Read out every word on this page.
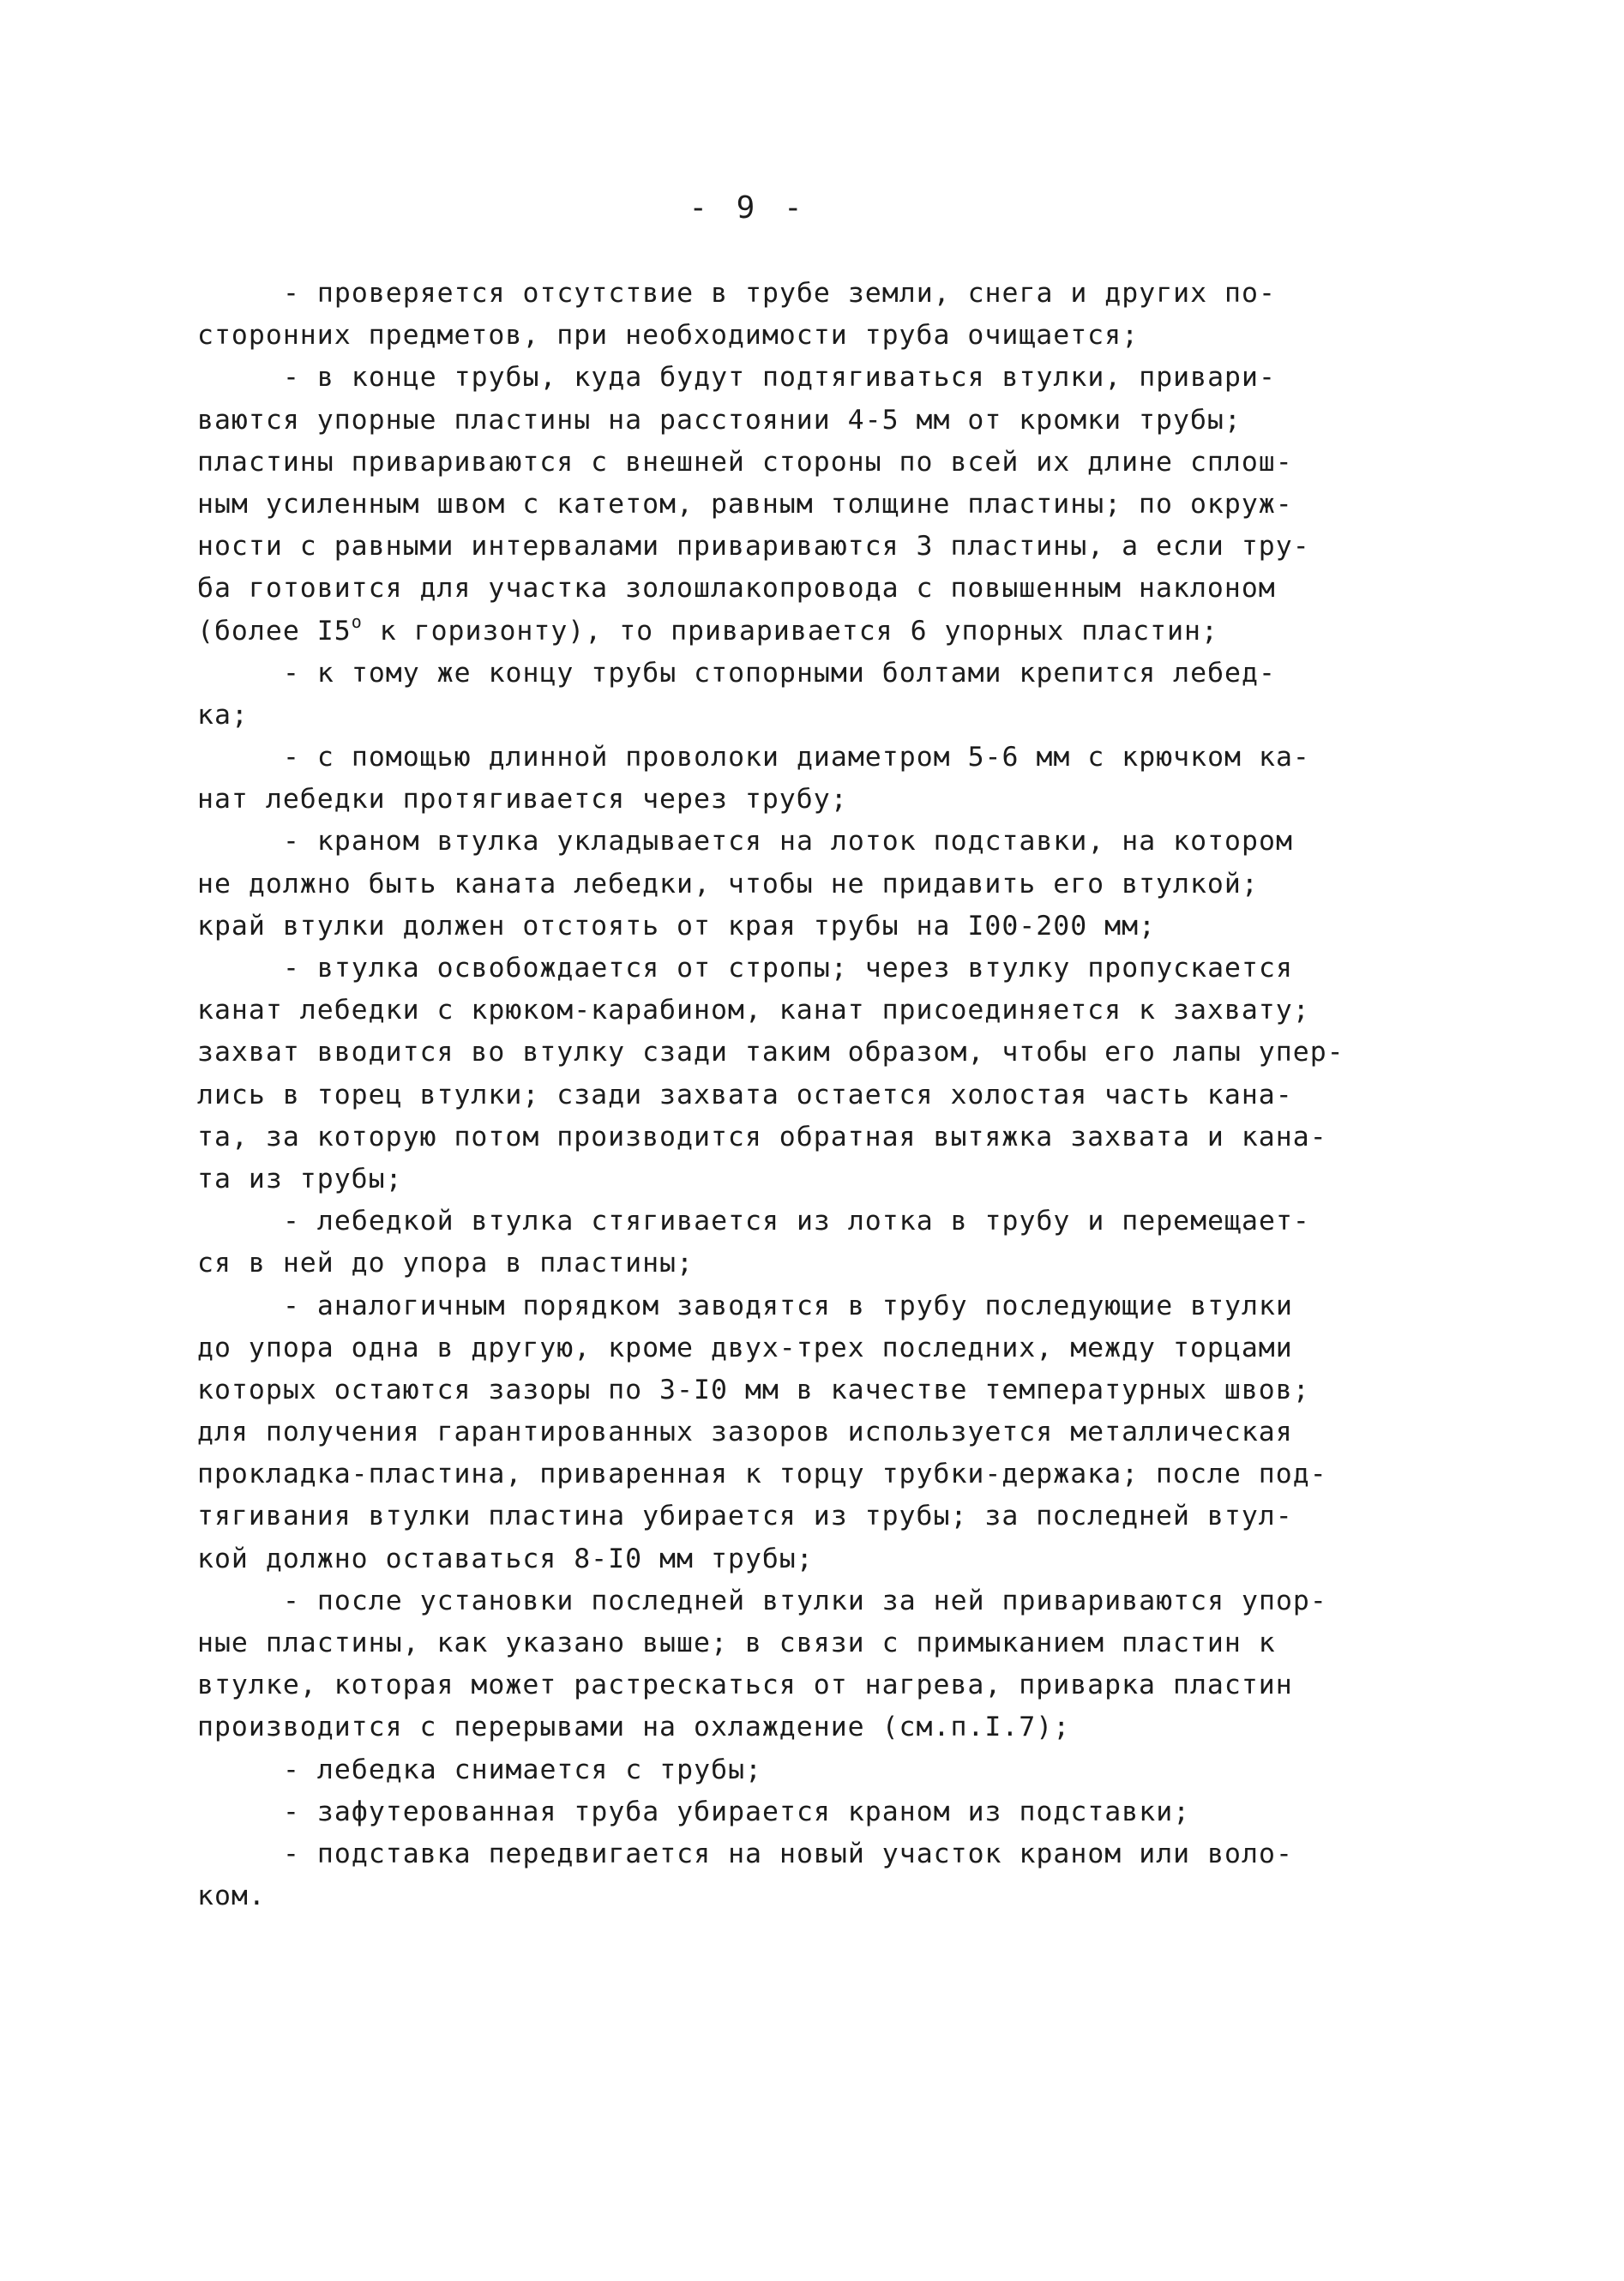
- 9 -
- проверяется отсутствие в трубе земли, снега и других по-
сторонних предметов, при необходимости труба очищается;
- в конце трубы, куда будут подтягиваться втулки, привари-
ваются упорные пластины на расстоянии 4-5 мм от кромки трубы;
пластины привариваются с внешней стороны по всей их длине сплош-
ным усиленным швом с катетом, равным толщине пластины; по окруж-
ности с равными интервалами привариваются 3 пластины, а если тру-
ба готовится для участка золошлакопровода с повышенным наклоном
(более $I5^о$ к горизонту), то приваривается 6 упорных пластин;
- к тому же концу трубы стопорными болтами крепится лебед-
ка;
- с помощью длинной проволоки диаметром 5-6 мм с крючком ка-
нат лебедки протягивается через трубу;
- краном втулка укладывается на лоток подставки, на котором
не должно быть каната лебедки, чтобы не придавить его втулкой;
край втулки должен отстоять от края трубы на I00-200 мм;
- втулка освобождается от стропы; через втулку пропускается
канат лебедки с крюком-карабином, канат присоединяется к захвату;
захват вводится во втулку сзади таким образом, чтобы его лапы упер-
лись в торец втулки; сзади захвата остается холостая часть кана-
та, за которую потом производится обратная вытяжка захвата и кана-
та из трубы;
- лебедкой втулка стягивается из лотка в трубу и перемещает-
ся в ней до упора в пластины;
- аналогичным порядком заводятся в трубу последующие втулки
до упора одна в другую, кроме двух-трех последних, между торцами
которых остаются зазоры по 3-I0 мм в качестве температурных швов;
для получения гарантированных зазоров используется металлическая
прокладка-пластина, приваренная к торцу трубки-держака; после под-
тягивания втулки пластина убирается из трубы; за последней втул-
кой должно оставаться 8-I0 мм трубы;
- после установки последней втулки за ней привариваются упор-
ные пластины, как указано выше; в связи с примыканием пластин к
втулке, которая может растрескаться от нагрева, приварка пластин
производится с перерывами на охлаждение (см.п.I.7);
- лебедка снимается с трубы;
- зафутерованная труба убирается краном из подставки;
- подставка передвигается на новый участок краном или воло-
ком.
